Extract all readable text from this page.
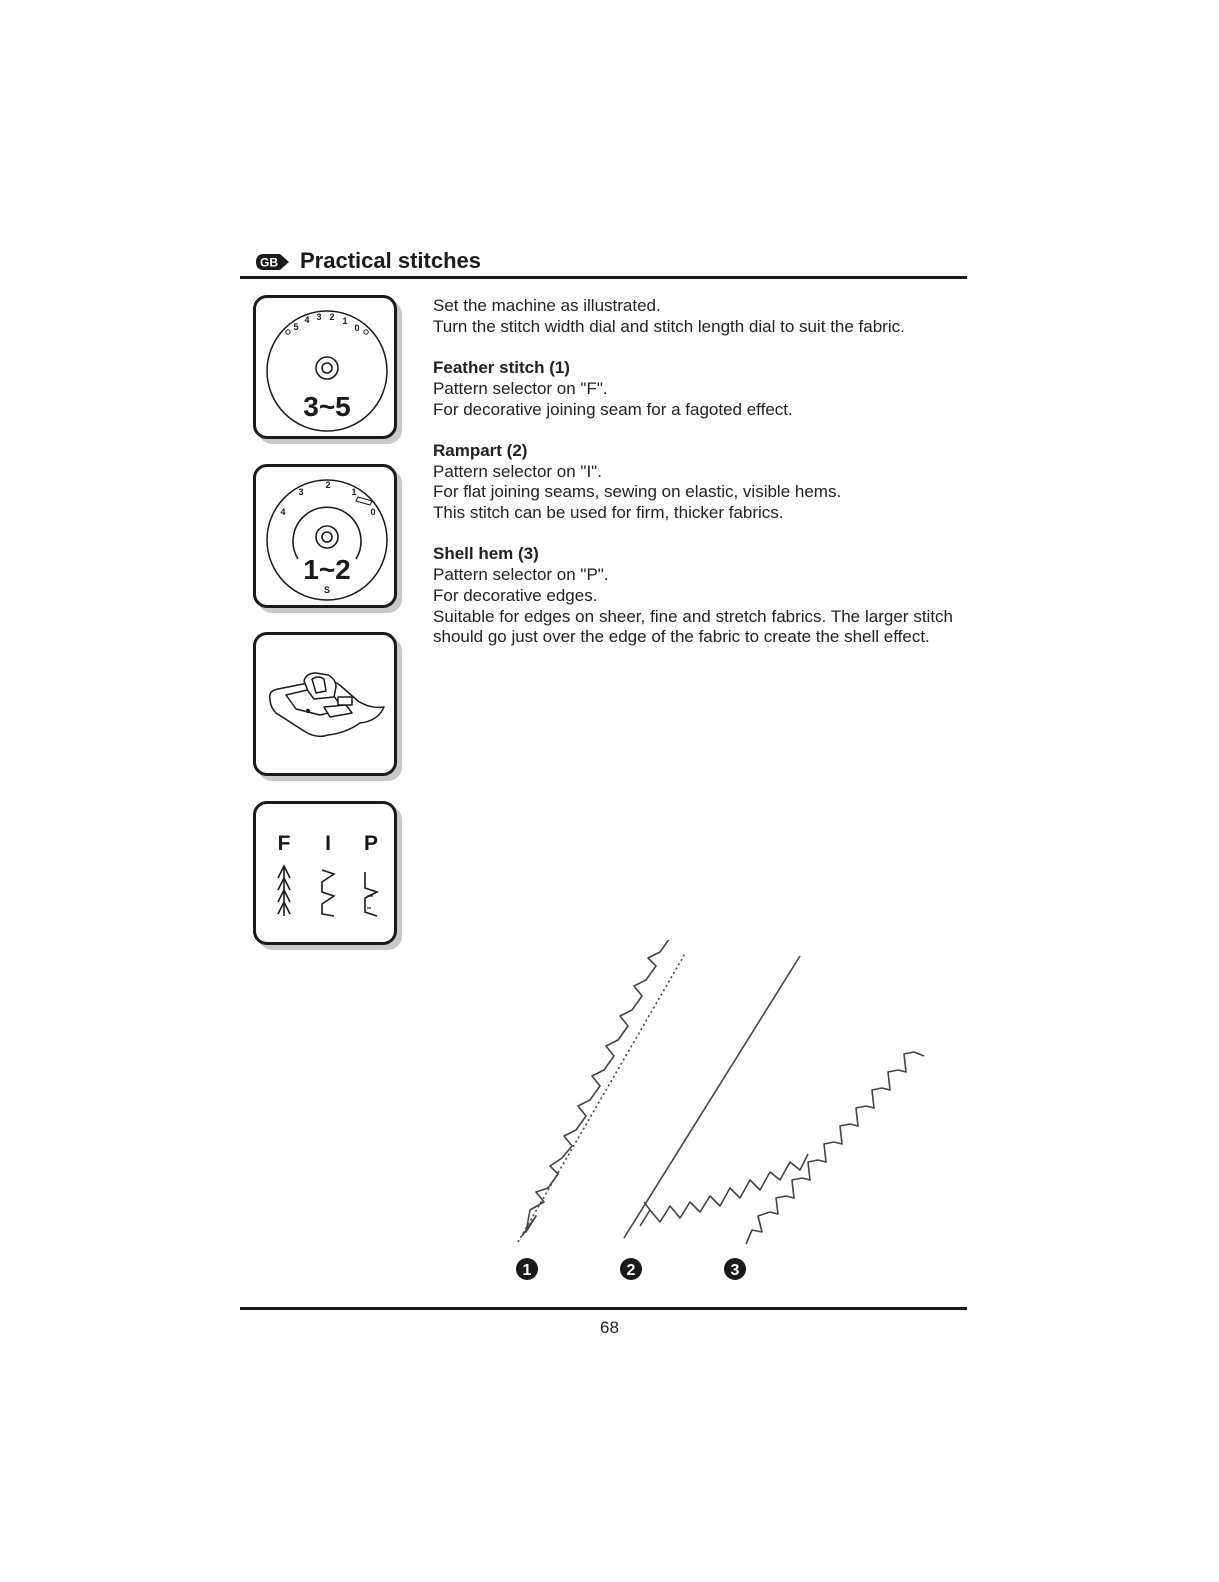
GB Practical stitches
5
4 3 2 1
0
3~5
4
3
2
1
0
S
1~2
F I P

Set the machine as illustrated.

Turn the stitch width dial and stitch length dial to suit the fabric.

Feather stitch (1)

Pattern selector on "F".

For decorative joining seam for a fagoted effect.

Rampart (2)

Pattern selector on "I".

For flat joining seams, sewing on elastic, visible hems.

This stitch can be used for firm, thicker fabrics.

Shell hem (3)

Pattern selector on "P".

For decorative edges.

Suitable for edges on sheer, fine and stretch fabrics. The larger stitch should go just over the edge of the fabric to create the shell effect.

1	2	3
68
